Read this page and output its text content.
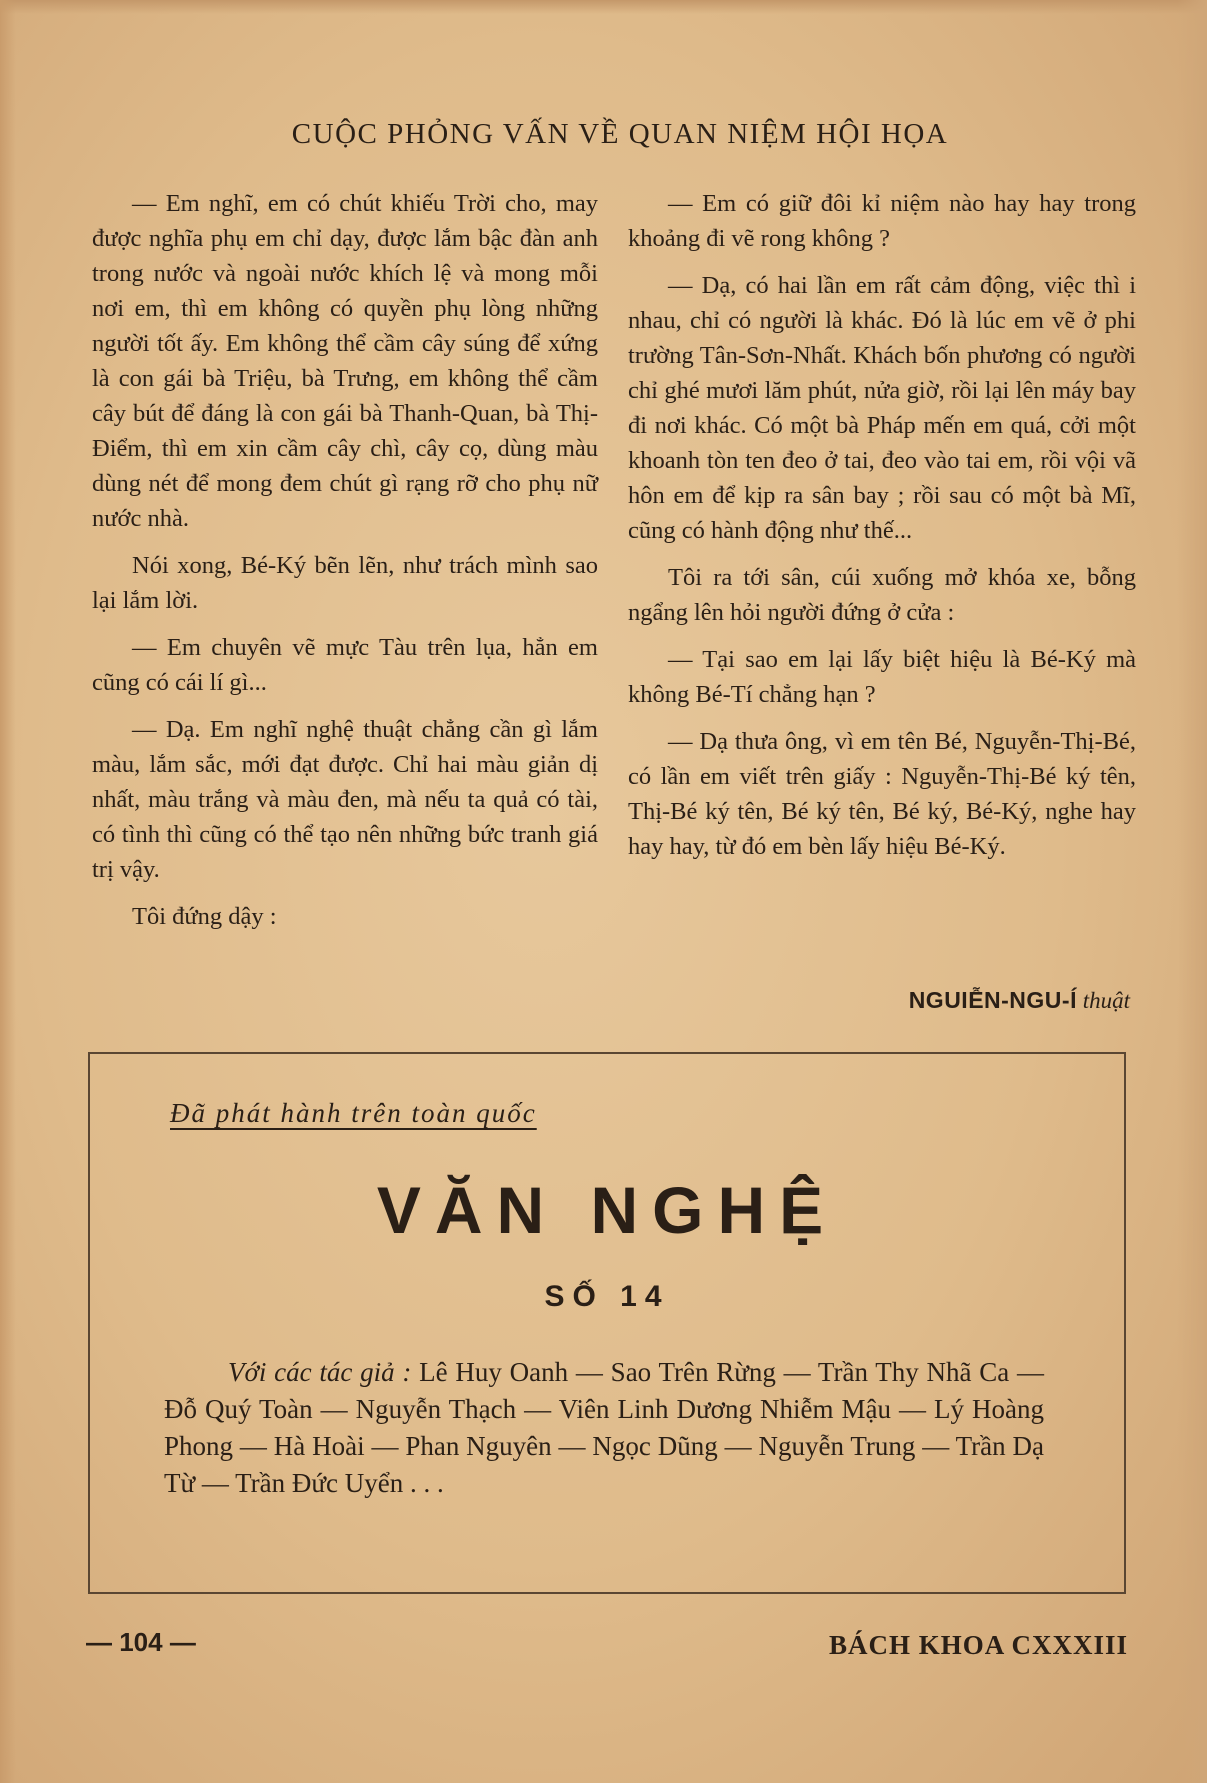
CUỘC PHỎNG VẤN VỀ QUAN NIỆM HỘI HỌA

— Em nghĩ, em có chút khiếu Trời cho, may được nghĩa phụ em chỉ dạy, được lắm bậc đàn anh trong nước và ngoài nước khích lệ và mong mỗi nơi em, thì em không có quyền phụ lòng những người tốt ấy. Em không thể cầm cây súng để xứng là con gái bà Triệu, bà Trưng, em không thể cầm cây bút để đáng là con gái bà Thanh-Quan, bà Thị-Điểm, thì em xin cầm cây chì, cây cọ, dùng màu dùng nét để mong đem chút gì rạng rỡ cho phụ nữ nước nhà.

Nói xong, Bé-Ký bẽn lẽn, như trách mình sao lại lắm lời.

— Em chuyên vẽ mực Tàu trên lụa, hẳn em cũng có cái lí gì...

— Dạ. Em nghĩ nghệ thuật chẳng cần gì lắm màu, lắm sắc, mới đạt được. Chỉ hai màu giản dị nhất, màu trắng và màu đen, mà nếu ta quả có tài, có tình thì cũng có thể tạo nên những bức tranh giá trị vậy.

Tôi đứng dậy :

— Em có giữ đôi kỉ niệm nào hay hay trong khoảng đi vẽ rong không ?

— Dạ, có hai lần em rất cảm động, việc thì i nhau, chỉ có người là khác. Đó là lúc em vẽ ở phi trường Tân-Sơn-Nhất. Khách bốn phương có người chỉ ghé mươi lăm phút, nửa giờ, rồi lại lên máy bay đi nơi khác. Có một bà Pháp mến em quá, cởi một khoanh tòn ten đeo ở tai, đeo vào tai em, rồi vội vã hôn em để kịp ra sân bay ; rồi sau có một bà Mĩ, cũng có hành động như thế...

Tôi ra tới sân, cúi xuống mở khóa xe, bỗng ngẩng lên hỏi người đứng ở cửa :

— Tại sao em lại lấy biệt hiệu là Bé-Ký mà không Bé-Tí chẳng hạn ?

— Dạ thưa ông, vì em tên Bé, Nguyễn-Thị-Bé, có lần em viết trên giấy : Nguyễn-Thị-Bé ký tên, Thị-Bé ký tên, Bé ký tên, Bé ký, Bé-Ký, nghe hay hay hay, từ đó em bèn lấy hiệu Bé-Ký.

NGUIỄN-NGU-Í thuật
Đã phát hành trên toàn quốc
VĂN NGHỆ
SỐ 14
Với các tác giả : Lê Huy Oanh — Sao Trên Rừng — Trần Thy Nhã Ca — Đỗ Quý Toàn — Nguyễn Thạch — Viên Linh Dương Nhiễm Mậu — Lý Hoàng Phong — Hà Hoài — Phan Nguyên — Ngọc Dũng — Nguyễn Trung — Trần Dạ Từ — Trần Đức Uyển . . .
— 104 —	BÁCH KHOA CXXXIII
